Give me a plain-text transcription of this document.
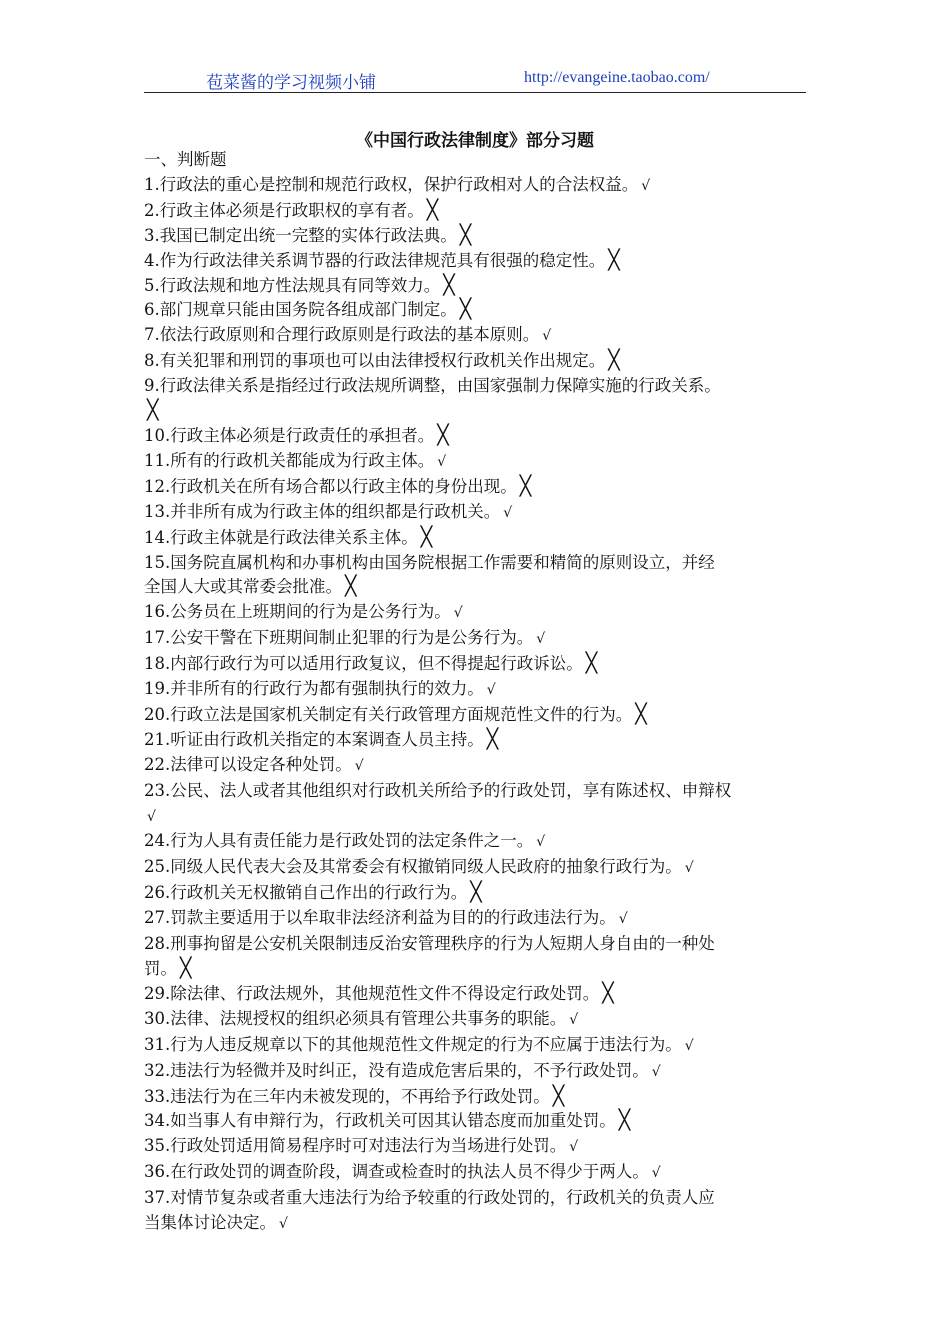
苞菜酱的学习视频小铺	http://evangeine.taobao.com/
《中国行政法律制度》部分习题
一、判断题
1.行政法的重心是控制和规范行政权，保护行政相对人的合法权益。 √
2.行政主体必须是行政职权的享有者。 ╳
3.我国已制定出统一完整的实体行政法典。 ╳
4.作为行政法律关系调节器的行政法律规范具有很强的稳定性。 ╳
5.行政法规和地方性法规具有同等效力。 ╳
6.部门规章只能由国务院各组成部门制定。 ╳
7.依法行政原则和合理行政原则是行政法的基本原则。 √
8.有关犯罪和刑罚的事项也可以由法律授权行政机关作出规定。 ╳
9.行政法律关系是指经过行政法规所调整，由国家强制力保障实施的行政关系。
╳
10.行政主体必须是行政责任的承担者。 ╳
11.所有的行政机关都能成为行政主体。 √
12.行政机关在所有场合都以行政主体的身份出现。 ╳
13.并非所有成为行政主体的组织都是行政机关。 √
14.行政主体就是行政法律关系主体。 ╳
15.国务院直属机构和办事机构由国务院根据工作需要和精简的原则设立，并经
全国人大或其常委会批准。 ╳
16.公务员在上班期间的行为是公务行为。 √
17.公安干警在下班期间制止犯罪的行为是公务行为。 √
18.内部行政行为可以适用行政复议，但不得提起行政诉讼。 ╳
19.并非所有的行政行为都有强制执行的效力。 √
20.行政立法是国家机关制定有关行政管理方面规范性文件的行为。 ╳
21.听证由行政机关指定的本案调查人员主持。 ╳
22.法律可以设定各种处罚。 √
23.公民、法人或者其他组织对行政机关所给予的行政处罚，享有陈述权、申辩权
√
24.行为人具有责任能力是行政处罚的法定条件之一。 √
25.同级人民代表大会及其常委会有权撤销同级人民政府的抽象行政行为。 √
26.行政机关无权撤销自己作出的行政行为。 ╳
27.罚款主要适用于以牟取非法经济利益为目的的行政违法行为。 √
28.刑事拘留是公安机关限制违反治安管理秩序的行为人短期人身自由的一种处
罚。 ╳
29.除法律、行政法规外，其他规范性文件不得设定行政处罚。 ╳
30.法律、法规授权的组织必须具有管理公共事务的职能。 √
31.行为人违反规章以下的其他规范性文件规定的行为不应属于违法行为。 √
32.违法行为轻微并及时纠正，没有造成危害后果的，不予行政处罚。 √
33.违法行为在三年内未被发现的，不再给予行政处罚。 ╳
34.如当事人有申辩行为，行政机关可因其认错态度而加重处罚。 ╳
35.行政处罚适用简易程序时可对违法行为当场进行处罚。 √
36.在行政处罚的调查阶段，调查或检查时的执法人员不得少于两人。 √
37.对情节复杂或者重大违法行为给予较重的行政处罚的，行政机关的负责人应
当集体讨论决定。 √
